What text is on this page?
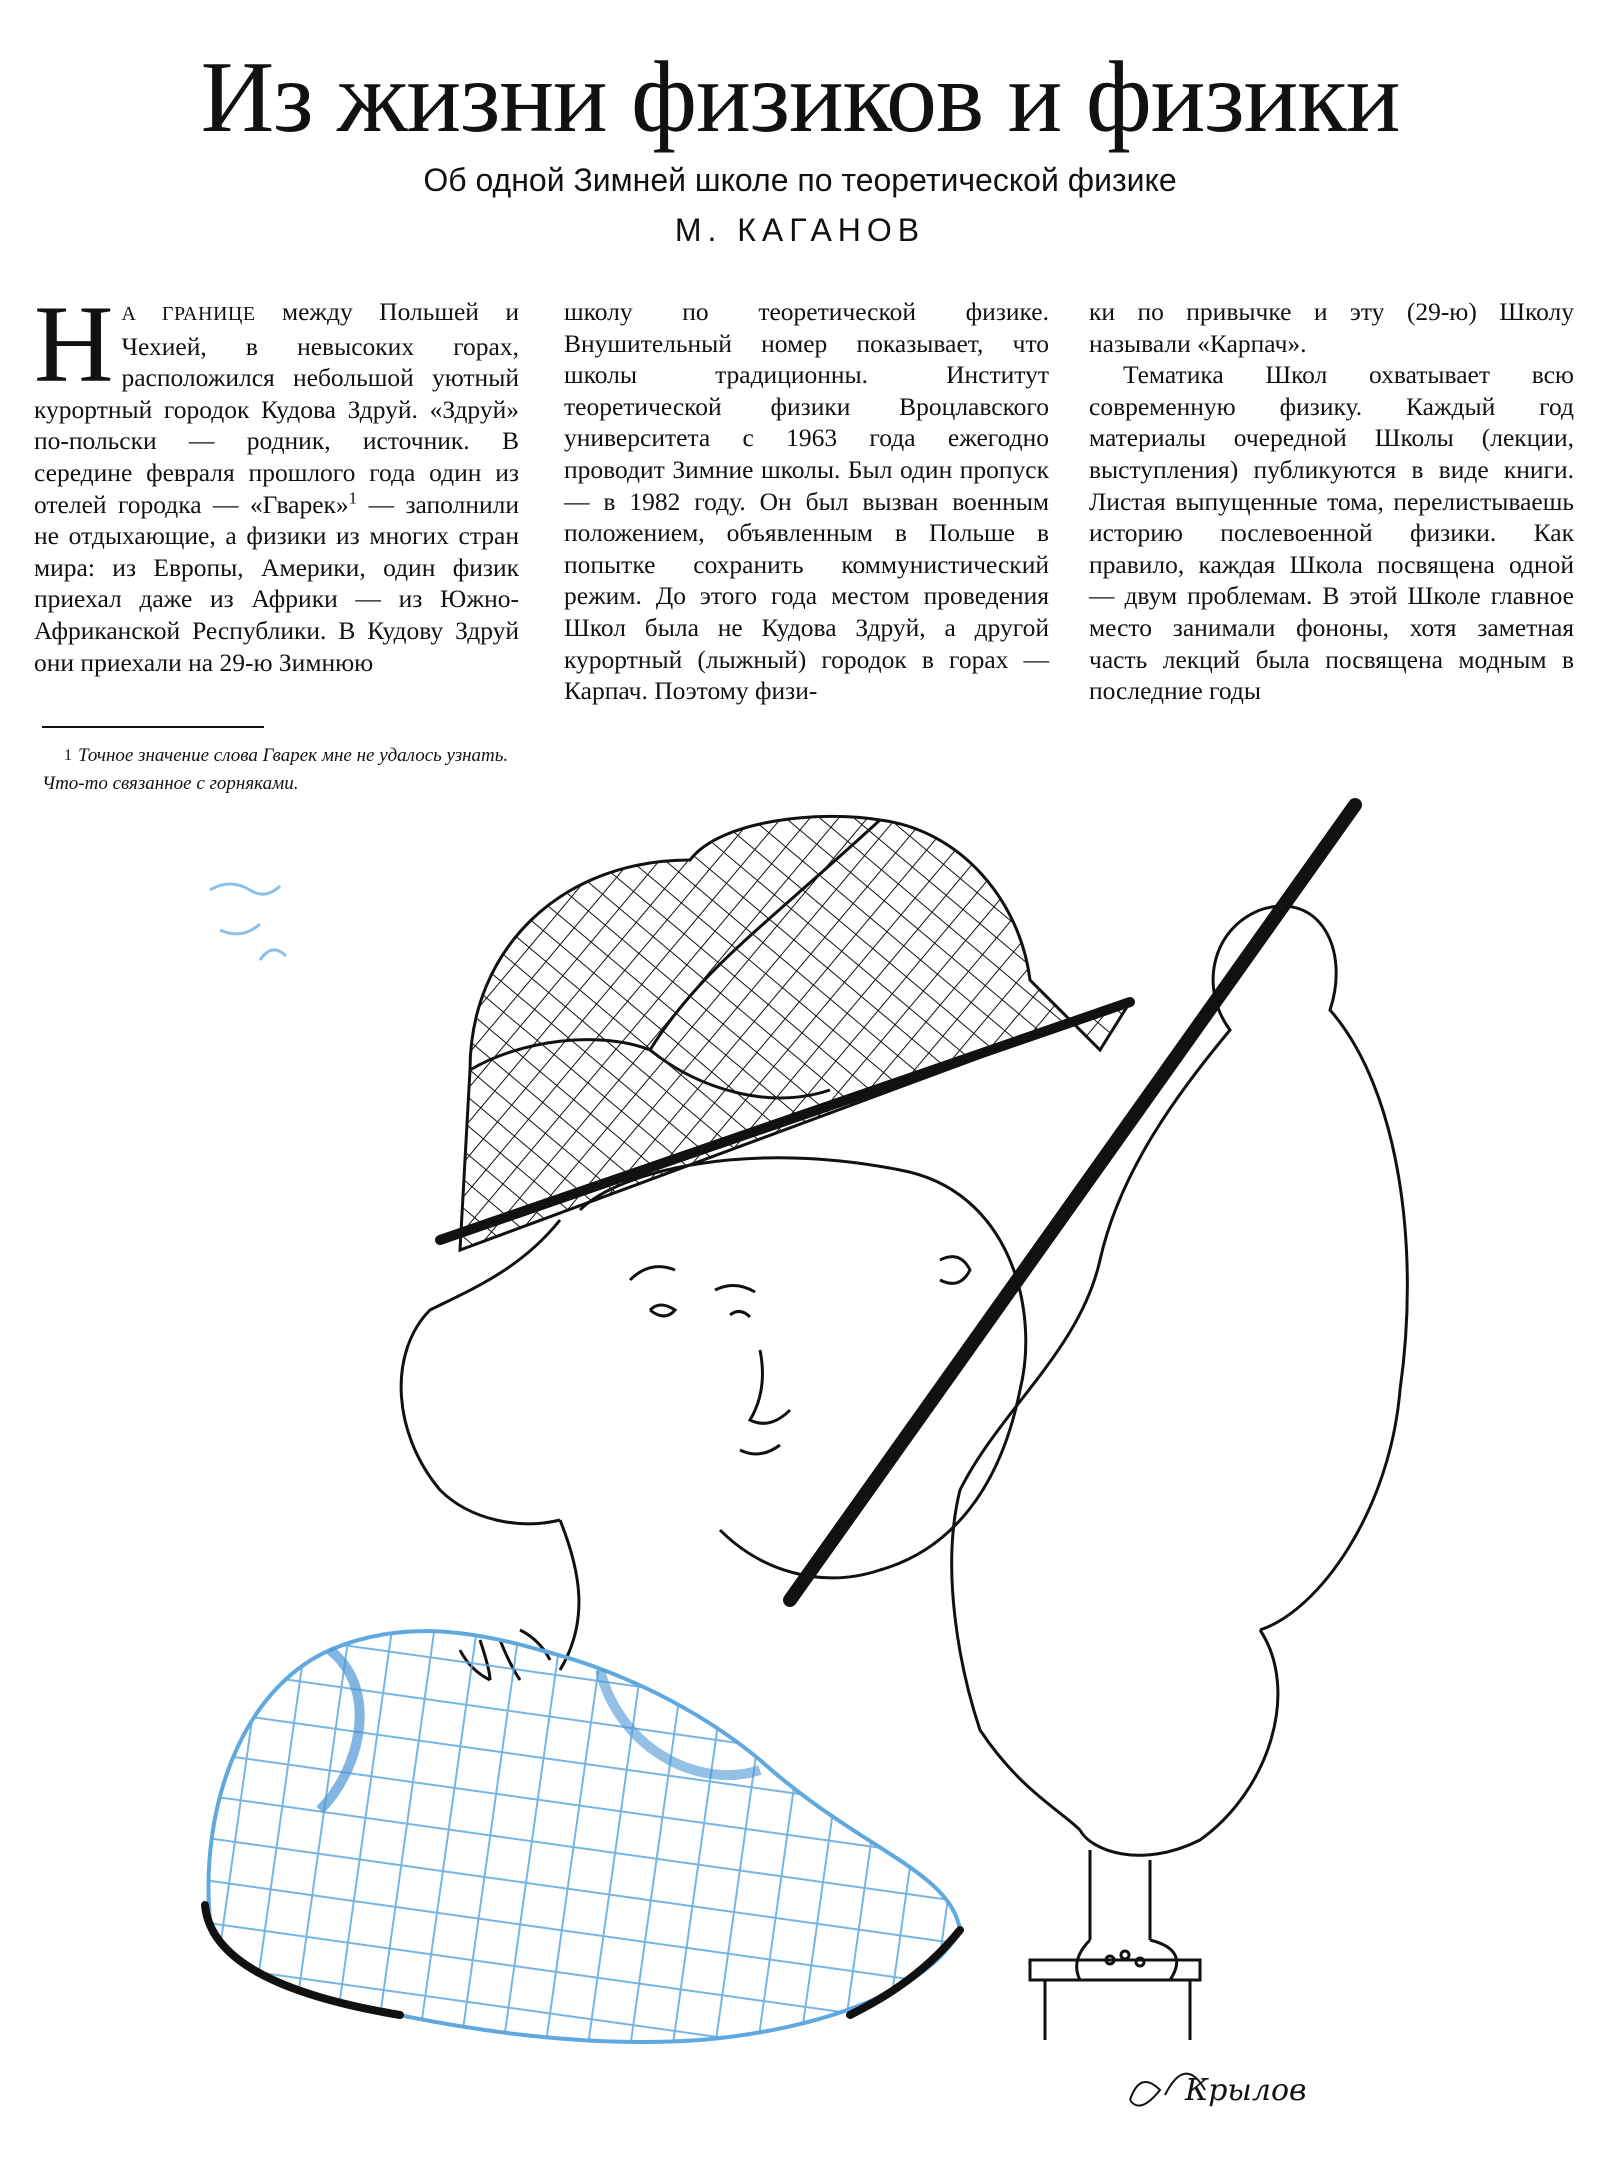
Из жизни физиков и физики
Об одной Зимней школе по теоретической физике
М. КАГАНОВ

Н А ГРАНИЦЕ между Польшей и Чехией, в невысоких горах, расположился небольшой уютный курортный городок Кудова Здруй. «Здруй» по-польски — родник, источник. В середине февраля прошлого года один из отелей городка — «Гварек»$^1$ — заполнили не отдыхающие, а физики из многих стран мира: из Европы, Америки, один физик приехал даже из Африки — из Южно-Африканской Республики. В Кудову Здруй они приехали на 29-ю Зимнюю

школу по теоретической физике. Внушительный номер показывает, что школы традиционны. Институт теоретической физики Вроцлавского университета с 1963 года ежегодно проводит Зимние школы. Был один пропуск — в 1982 году. Он был вызван военным положением, объявленным в Польше в попытке сохранить коммунистический режим. До этого года местом проведения Школ была не Кудова Здруй, а другой курортный (лыжный) городок в горах — Карпач. Поэтому физи-

ки по привычке и эту (29-ю) Школу называли «Карпач».

Тематика Школ охватывает всю современную физику. Каждый год материалы очередной Школы (лекции, выступления) публикуются в виде книги. Листая выпущенные тома, перелистываешь историю послевоенной физики. Как правило, каждая Школа посвящена одной — двум проблемам. В этой Школе главное место занимали фононы, хотя заметная часть лекций была посвящена модным в последние годы

$^1$ Точное значение слова Гварек мне не удалось узнать. Что-то связанное с горняками.
Крылов
